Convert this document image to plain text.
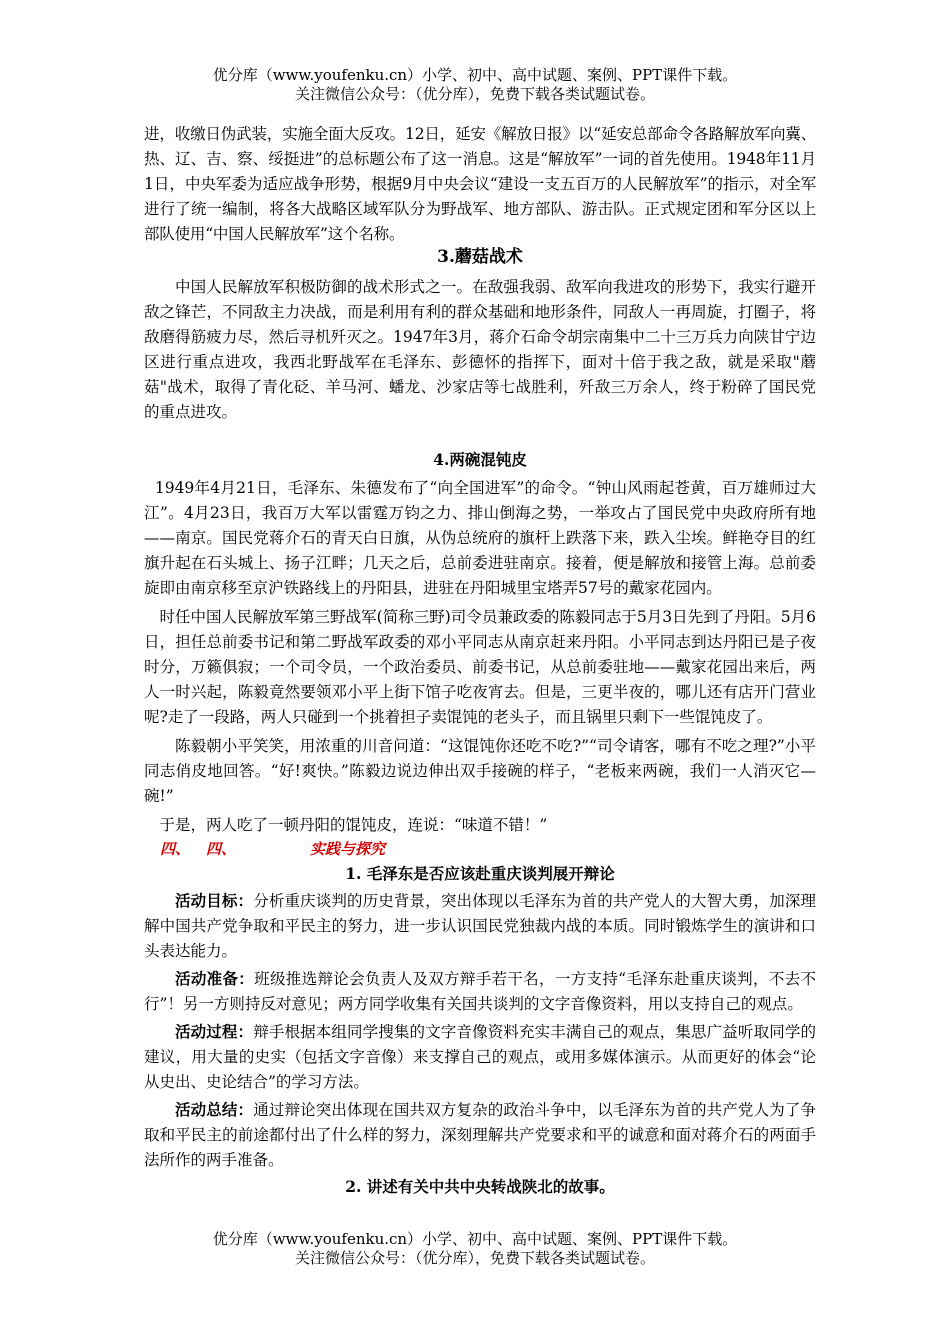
优分库（www.youfenku.cn）小学、初中、高中试题、案例、PPT课件下载。
关注微信公众号：（优分库），免费下载各类试题试卷。

进，收缴日伪武装，实施全面大反攻。12日，延安《解放日报》以“延安总部命令各路解放军向冀、热、辽、吉、察、绥挺进”的总标题公布了这一消息。这是“解放军”一词的首先使用。1948年11月1日，中央军委为适应战争形势，根据9月中央会议“建设一支五百万的人民解放军”的指示，对全军进行了统一编制，将各大战略区域军队分为野战军、地方部队、游击队。正式规定团和军分区以上部队使用“中国人民解放军”这个名称。

3.蘑菇战术

中国人民解放军积极防御的战术形式之一。在敌强我弱、敌军向我进攻的形势下，我实行避开敌之锋芒，不同敌主力决战，而是利用有利的群众基础和地形条件，同敌人一再周旋，打圈子，将敌磨得筋疲力尽，然后寻机歼灭之。1947年3月，蒋介石命令胡宗南集中二十三万兵力向陕甘宁边区进行重点进攻，我西北野战军在毛泽东、彭德怀的指挥下，面对十倍于我之敌，就是采取"蘑菇"战术，取得了青化砭、羊马河、蟠龙、沙家店等七战胜利，歼敌三万余人，终于粉碎了国民党的重点进攻。

4.两碗混钝皮

1949年4月21日，毛泽东、朱德发布了“向全国进军”的命令。“钟山风雨起苍黄，百万雄师过大江”。4月23日，我百万大军以雷霆万钧之力、排山倒海之势，一举攻占了国民党中央政府所有地——南京。国民党蒋介石的青天白日旗，从伪总统府的旗杆上跌落下来，跌入尘埃。鲜艳夺目的红旗升起在石头城上、扬子江畔；几天之后，总前委进驻南京。接着，便是解放和接管上海。总前委旋即由南京移至京沪铁路线上的丹阳县，进驻在丹阳城里宝塔弄57号的戴家花园内。

时任中国人民解放军第三野战军(简称三野)司令员兼政委的陈毅同志于5月3日先到了丹阳。5月6日，担任总前委书记和第二野战军政委的邓小平同志从南京赶来丹阳。小平同志到达丹阳已是子夜时分，万籁俱寂；一个司令员，一个政治委员、前委书记，从总前委驻地——戴家花园出来后，两人一时兴起，陈毅竟然要领邓小平上街下馆子吃夜宵去。但是，三更半夜的，哪儿还有店开门营业呢?走了一段路，两人只碰到一个挑着担子卖馄饨的老头子，而且锅里只剩下一些馄饨皮了。

陈毅朝小平笑笑，用浓重的川音问道：“这馄饨你还吃不吃?”“司令请客，哪有不吃之理?”小平同志俏皮地回答。“好!爽快。”陈毅边说边伸出双手接碗的样子，“老板来两碗，我们一人消灭它—碗!”

于是，两人吃了一顿丹阳的馄饨皮，连说：“味道不错！”

四、 四、	实践与探究

1. 毛泽东是否应该赴重庆谈判展开辩论

活动目标：分析重庆谈判的历史背景，突出体现以毛泽东为首的共产党人的大智大勇，加深理解中国共产党争取和平民主的努力，进一步认识国民党独裁内战的本质。同时锻炼学生的演讲和口头表达能力。

活动准备：班级推选辩论会负责人及双方辩手若干名，一方支持“毛泽东赴重庆谈判，不去不行”！另一方则持反对意见；两方同学收集有关国共谈判的文字音像资料，用以支持自己的观点。

活动过程：辩手根据本组同学搜集的文字音像资料充实丰满自己的观点，集思广益听取同学的建议，用大量的史实（包括文字音像）来支撑自己的观点，或用多媒体演示。从而更好的体会“论从史出、史论结合”的学习方法。

活动总结：通过辩论突出体现在国共双方复杂的政治斗争中，以毛泽东为首的共产党人为了争取和平民主的前途都付出了什么样的努力，深刻理解共产党要求和平的诚意和面对蒋介石的两面手法所作的两手准备。

2. 讲述有关中共中央转战陕北的故事。

优分库（www.youfenku.cn）小学、初中、高中试题、案例、PPT课件下载。
关注微信公众号：（优分库），免费下载各类试题试卷。
